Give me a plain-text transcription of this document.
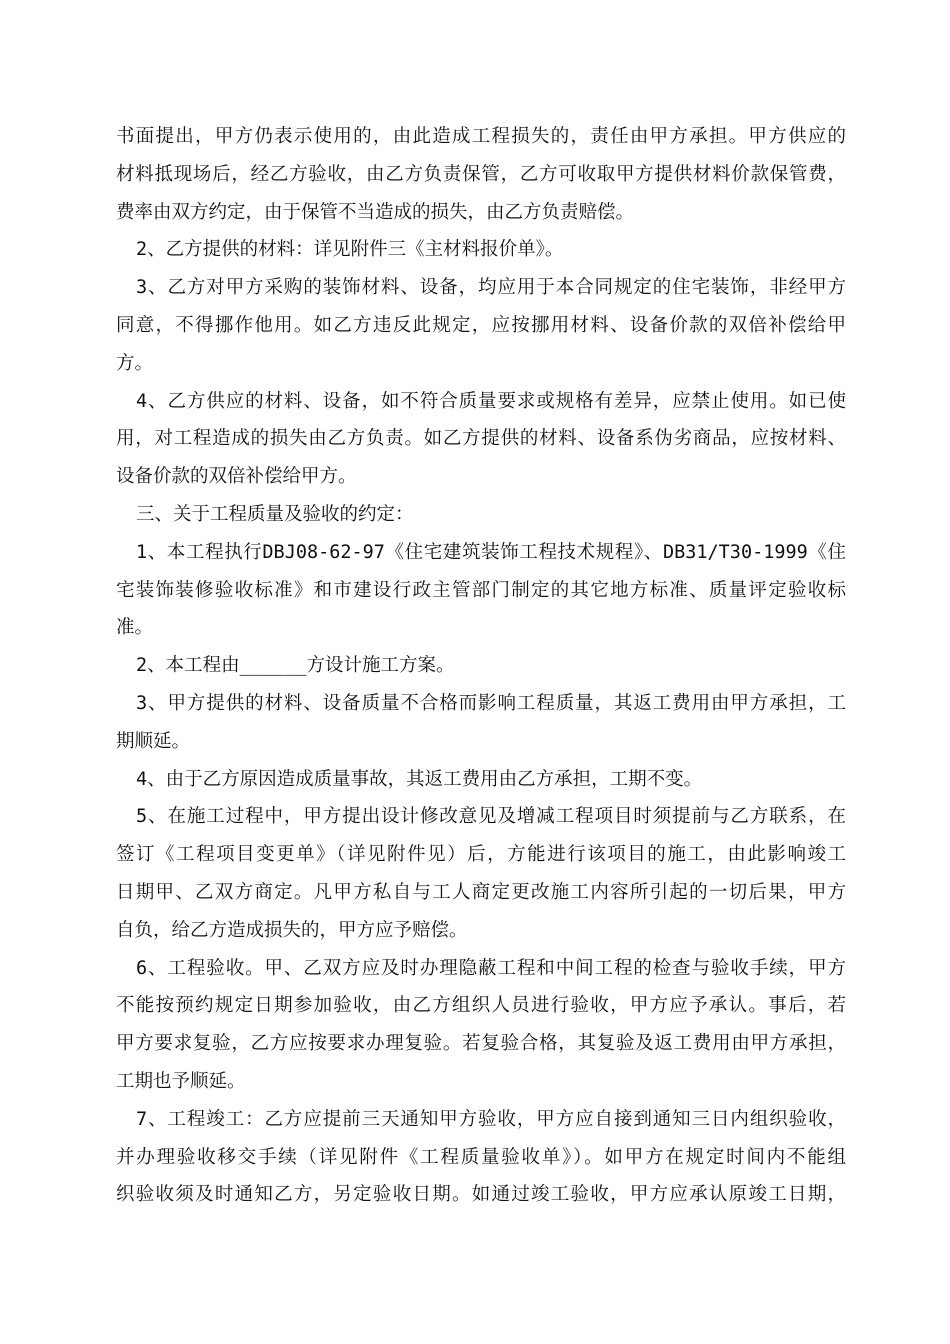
书面提出，甲方仍表示使用的，由此造成工程损失的，责任由甲方承担。甲方供应的
材料抵现场后，经乙方验收，由乙方负责保管，乙方可收取甲方提供材料价款保管费，
费率由双方约定，由于保管不当造成的损失，由乙方负责赔偿。
2、乙方提供的材料：详见附件三《主材料报价单》。
3、乙方对甲方采购的装饰材料、设备，均应用于本合同规定的住宅装饰，非经甲方
同意，不得挪作他用。如乙方违反此规定，应按挪用材料、设备价款的双倍补偿给甲
方。
4、乙方供应的材料、设备，如不符合质量要求或规格有差异，应禁止使用。如已使
用，对工程造成的损失由乙方负责。如乙方提供的材料、设备系伪劣商品，应按材料、
设备价款的双倍补偿给甲方。
三、关于工程质量及验收的约定：
1、本工程执行DBJ08-62-97《住宅建筑装饰工程技术规程》、DB31/T30-1999《住
宅装饰装修验收标准》和市建设行政主管部门制定的其它地方标准、质量评定验收标
准。
2、本工程由______方设计施工方案。
3、甲方提供的材料、设备质量不合格而影响工程质量，其返工费用由甲方承担，工
期顺延。
4、由于乙方原因造成质量事故，其返工费用由乙方承担，工期不变。
5、在施工过程中，甲方提出设计修改意见及增减工程项目时须提前与乙方联系，在
签订《工程项目变更单》（详见附件见）后，方能进行该项目的施工，由此影响竣工
日期甲、乙双方商定。凡甲方私自与工人商定更改施工内容所引起的一切后果，甲方
自负，给乙方造成损失的，甲方应予赔偿。
6、工程验收。甲、乙双方应及时办理隐蔽工程和中间工程的检查与验收手续，甲方
不能按预约规定日期参加验收，由乙方组织人员进行验收，甲方应予承认。事后，若
甲方要求复验，乙方应按要求办理复验。若复验合格，其复验及返工费用由甲方承担，
工期也予顺延。
7、工程竣工：乙方应提前三天通知甲方验收，甲方应自接到通知三日内组织验收，
并办理验收移交手续（详见附件《工程质量验收单》）。如甲方在规定时间内不能组
织验收须及时通知乙方，另定验收日期。如通过竣工验收，甲方应承认原竣工日期，
